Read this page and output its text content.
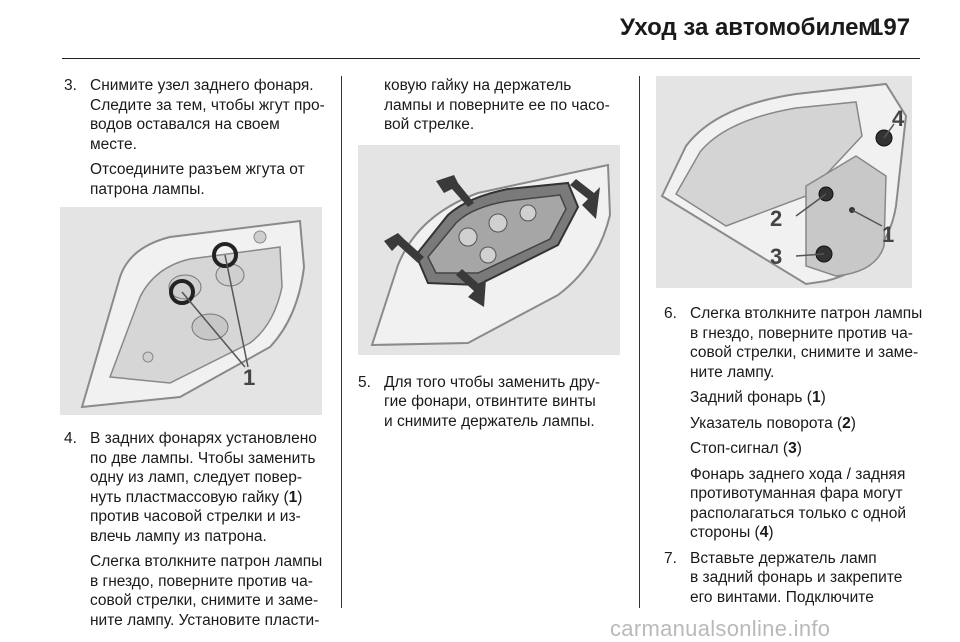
Уход за автомобилем
197
3. Снимите узел заднего фонаря.
Следите за тем, чтобы жгут про-
водов оставался на своем
месте.
Отсоедините разъем жгута от
патрона лампы.
1
4. В задних фонарях установлено
по две лампы. Чтобы заменить
одну из ламп, следует повер-
нуть пластмассовую гайку (1)
против часовой стрелки и из-
влечь лампу из патрона.
Слегка втолкните патрон лампы
в гнездо, поверните против ча-
совой стрелки, снимите и заме-
ните лампу. Установите пласти-
ковую гайку на держатель
лампы и поверните ее по часо-
вой стрелке.
5. Для того чтобы заменить дру-
гие фонари, отвинтите винты
и снимите держатель лампы.
4
2
1
3
6. Слегка втолкните патрон лампы
в гнездо, поверните против ча-
совой стрелки, снимите и заме-
ните лампу.
Задний фонарь (1)
Указатель поворота (2)
Стоп-сигнал (3)
Фонарь заднего хода / задняя
противотуманная фара могут
располагаться только с одной
стороны (4)
7. Вставьте держатель ламп
в задний фонарь и закрепите
его винтами. Подключите
carmanualsonline.info
